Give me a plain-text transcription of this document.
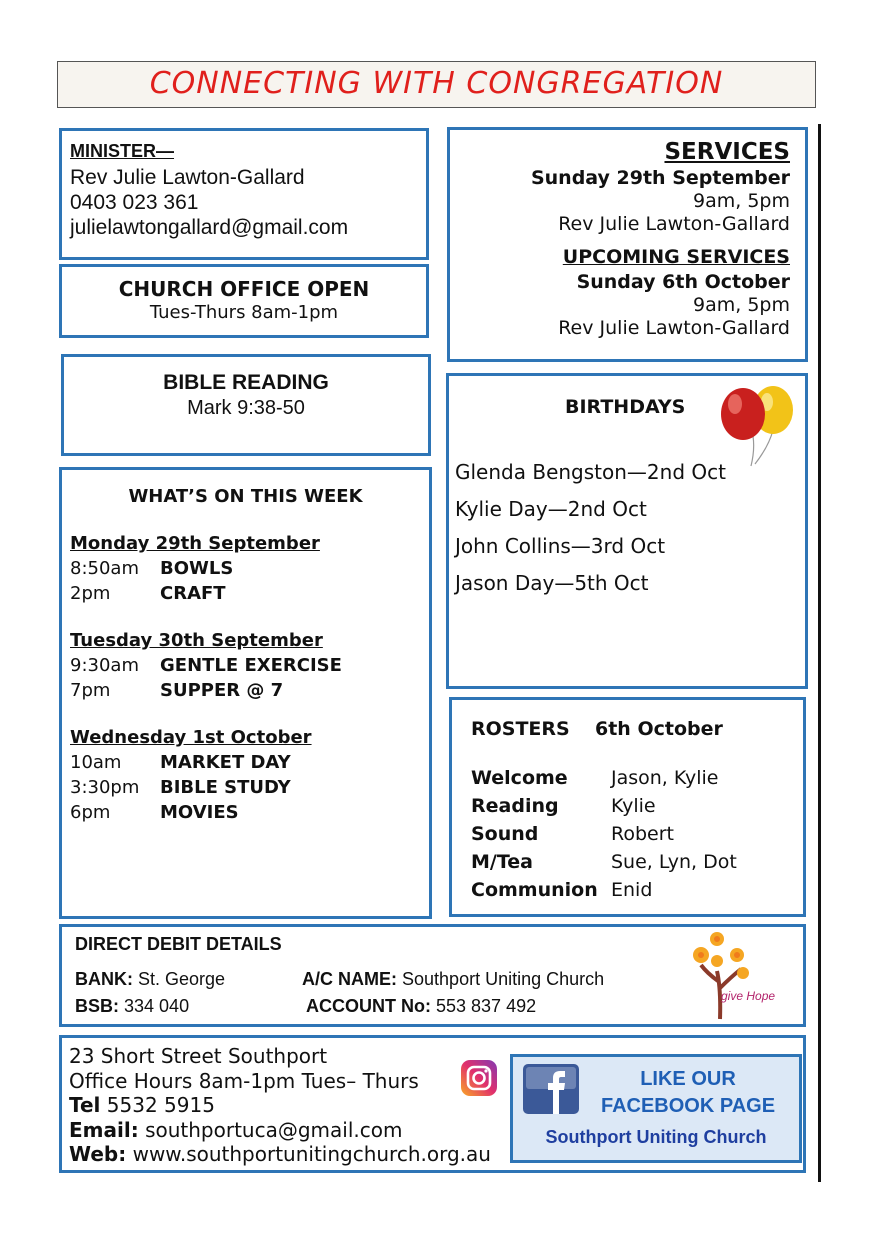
CONNECTING WITH CONGREGATION
MINISTER—
Rev Julie Lawton-Gallard
0403 023 361
julielawtongallard@gmail.com
CHURCH OFFICE OPEN
Tues-Thurs 8am-1pm
BIBLE READING
Mark 9:38-50
WHAT’S ON THIS WEEK
Monday 29th September
8:50am	BOWLS
2pm	CRAFT
Tuesday 30th September
9:30am	GENTLE EXERCISE
7pm	SUPPER @ 7
Wednesday 1st October
10am	MARKET DAY
3:30pm	BIBLE STUDY
6pm	MOVIES
SERVICES
Sunday 29th September
9am, 5pm
Rev Julie Lawton-Gallard
UPCOMING SERVICES
Sunday 6th October
9am, 5pm
Rev Julie Lawton-Gallard
BIRTHDAYS
Glenda Bengston—2nd Oct
Kylie Day—2nd Oct
John Collins—3rd Oct
Jason Day—5th Oct
ROSTERS	6th October
Welcome	Jason, Kylie
Reading	Kylie
Sound	Robert
M/Tea	Sue, Lyn, Dot
Communion Enid
DIRECT DEBIT DETAILS
BANK: St. George
BSB: 334 040
A/C NAME: Southport Uniting Church
ACCOUNT No: 553 837 492	give Hope
23 Short Street Southport
Office Hours 8am-1pm Tues– Thurs
Tel 5532 5915
Email: southportuca@gmail.com
Web: www.southportunitingchurch.org.au
LIKE OUR
FACEBOOK PAGE
Southport Uniting Church
